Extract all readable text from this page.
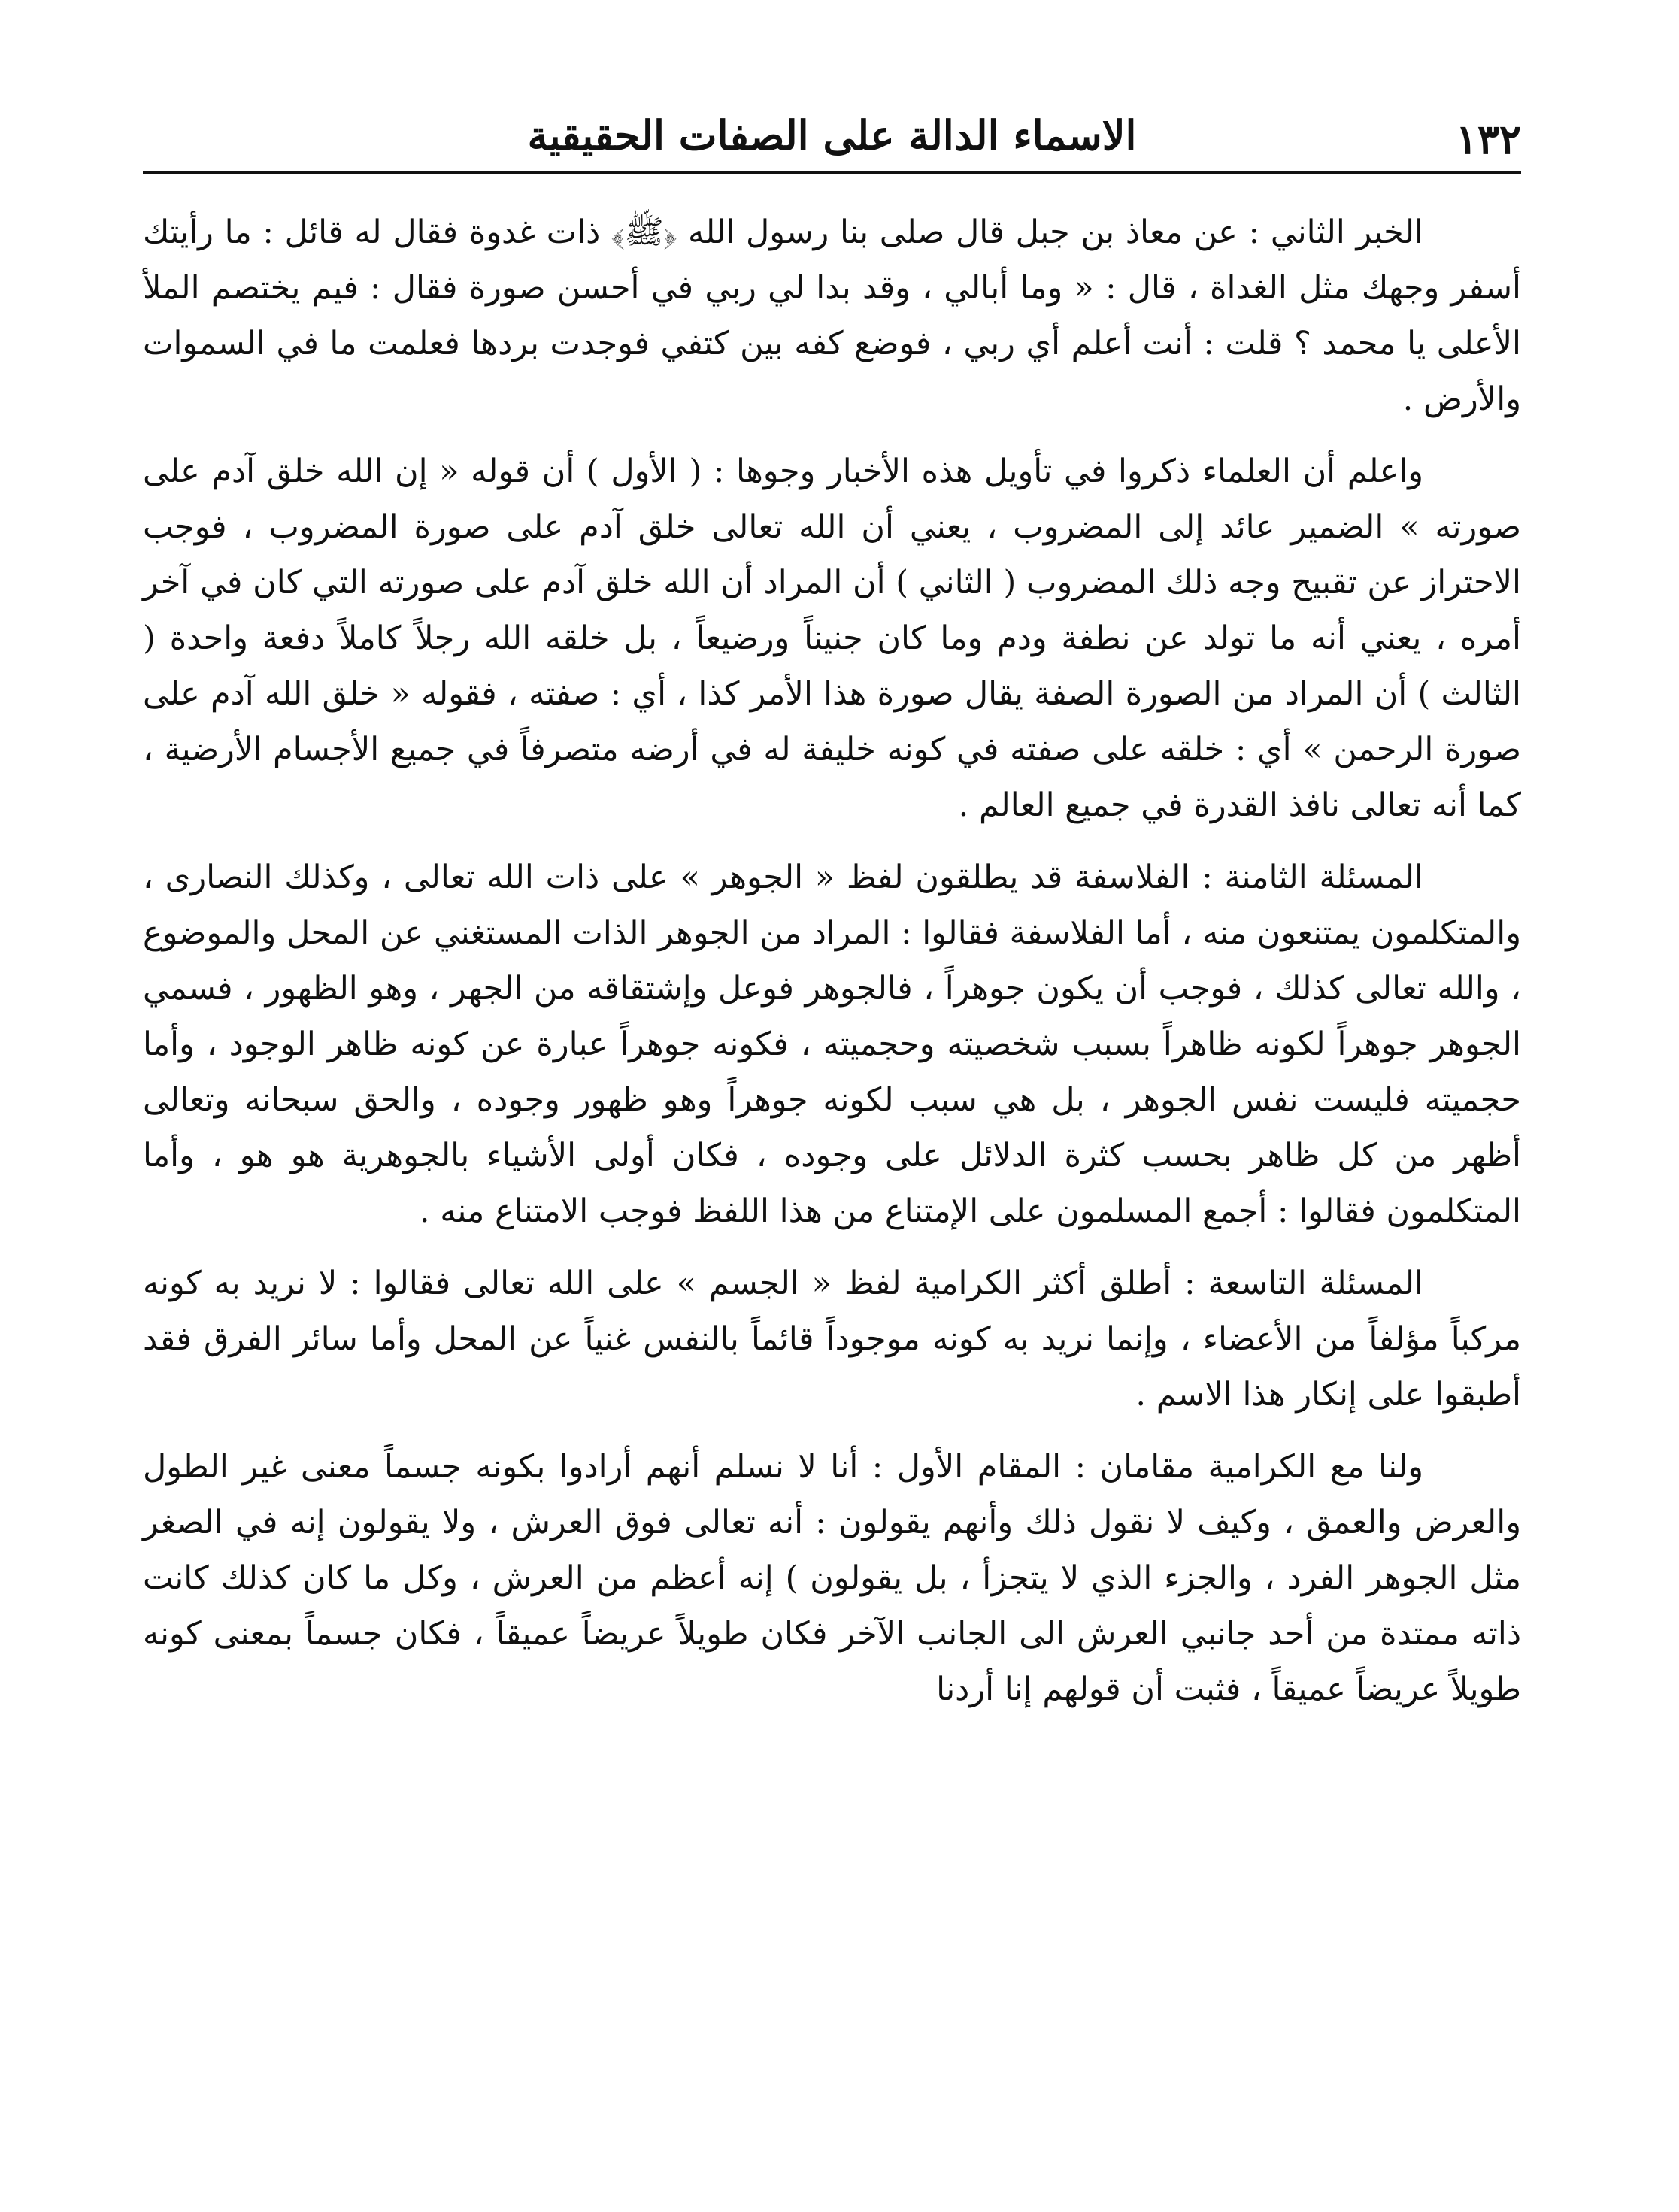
الاسماء الدالة على الصفات الحقيقية	١٣٢

الخبر الثاني : عن معاذ بن جبل قال صلى بنا رسول الله ﴿ﷺ﴾ ذات غدوة فقال له قائل : ما رأيتك أسفر وجهك مثل الغداة ، قال : « وما أبالي ، وقد بدا لي ربي في أحسن صورة فقال : فيم يختصم الملأ الأعلى يا محمد ؟ قلت : أنت أعلم أي ربي ، فوضع كفه بين كتفي فوجدت بردها فعلمت ما في السموات والأرض .

واعلم أن العلماء ذكروا في تأويل هذه الأخبار وجوها : ( الأول ) أن قوله « إن الله خلق آدم على صورته » الضمير عائد إلى المضروب ، يعني أن الله تعالى خلق آدم على صورة المضروب ، فوجب الاحتراز عن تقبيح وجه ذلك المضروب ( الثاني ) أن المراد أن الله خلق آدم على صورته التي كان في آخر أمره ، يعني أنه ما تولد عن نطفة ودم وما كان جنيناً ورضيعاً ، بل خلقه الله رجلاً كاملاً دفعة واحدة ( الثالث ) أن المراد من الصورة الصفة يقال صورة هذا الأمر كذا ، أي : صفته ، فقوله « خلق الله آدم على صورة الرحمن » أي : خلقه على صفته في كونه خليفة له في أرضه متصرفاً في جميع الأجسام الأرضية ، كما أنه تعالى نافذ القدرة في جميع العالم .

المسئلة الثامنة : الفلاسفة قد يطلقون لفظ « الجوهر » على ذات الله تعالى ، وكذلك النصارى ، والمتكلمون يمتنعون منه ، أما الفلاسفة فقالوا : المراد من الجوهر الذات المستغني عن المحل والموضوع ، والله تعالى كذلك ، فوجب أن يكون جوهراً ، فالجوهر فوعل وإشتقاقه من الجهر ، وهو الظهور ، فسمي الجوهر جوهراً لكونه ظاهراً بسبب شخصيته وحجميته ، فكونه جوهراً عبارة عن كونه ظاهر الوجود ، وأما حجميته فليست نفس الجوهر ، بل هي سبب لكونه جوهراً وهو ظهور وجوده ، والحق سبحانه وتعالى أظهر من كل ظاهر بحسب كثرة الدلائل على وجوده ، فكان أولى الأشياء بالجوهرية هو هو ، وأما المتكلمون فقالوا : أجمع المسلمون على الإمتناع من هذا اللفظ فوجب الامتناع منه .

المسئلة التاسعة : أطلق أكثر الكرامية لفظ « الجسم » على الله تعالى فقالوا : لا نريد به كونه مركباً مؤلفاً من الأعضاء ، وإنما نريد به كونه موجوداً قائماً بالنفس غنياً عن المحل وأما سائر الفرق فقد أطبقوا على إنكار هذا الاسم .

ولنا مع الكرامية مقامان : المقام الأول : أنا لا نسلم أنهم أرادوا بكونه جسماً معنى غير الطول والعرض والعمق ، وكيف لا نقول ذلك وأنهم يقولون : أنه تعالى فوق العرش ، ولا يقولون إنه في الصغر مثل الجوهر الفرد ، والجزء الذي لا يتجزأ ، بل يقولون ) إنه أعظم من العرش ، وكل ما كان كذلك كانت ذاته ممتدة من أحد جانبي العرش الى الجانب الآخر فكان طويلاً عريضاً عميقاً ، فكان جسماً بمعنى كونه طويلاً عريضاً عميقاً ، فثبت أن قولهم إنا أردنا
